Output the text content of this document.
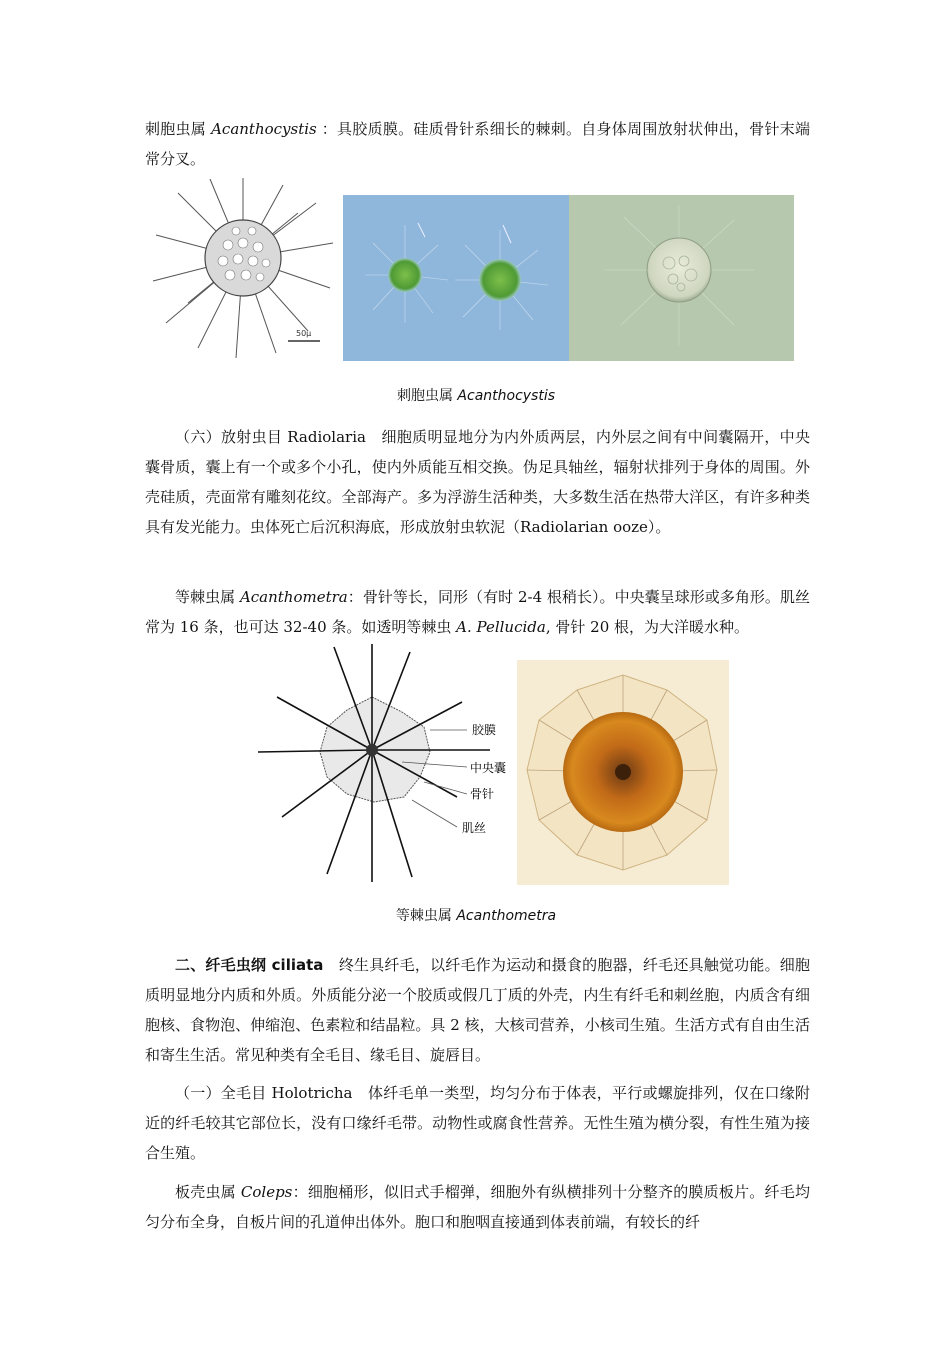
刺胞虫属 Acanthocystis ：具胶质膜。硅质骨针系细长的棘刺。自身体周围放射状伸出，骨针末端常分叉。

50μ
刺胞虫属 Acanthocystis

（六）放射虫目 Radiolaria　细胞质明显地分为内外质两层，内外层之间有中间囊隔开，中央囊骨质，囊上有一个或多个小孔，使内外质能互相交换。伪足具轴丝，辐射状排列于身体的周围。外壳硅质，壳面常有雕刻花纹。全部海产。多为浮游生活种类，大多数生活在热带大洋区，有许多种类具有发光能力。虫体死亡后沉积海底，形成放射虫软泥（Radiolarian ooze）。

等棘虫属 Acanthometra：骨针等长，同形（有时 2-4 根稍长）。中央囊呈球形或多角形。肌丝常为 16 条，也可达 32-40 条。如透明等棘虫 A. Pellucida, 骨针 20 根，为大洋暖水种。

胶膜
中央囊
骨针
肌丝
等棘虫属 Acanthometra

二、纤毛虫纲 ciliata　终生具纤毛，以纤毛作为运动和摄食的胞器，纤毛还具触觉功能。细胞质明显地分内质和外质。外质能分泌一个胶质或假几丁质的外壳，内生有纤毛和刺丝胞，内质含有细胞核、食物泡、伸缩泡、色素粒和结晶粒。具 2 核，大核司营养，小核司生殖。生活方式有自由生活和寄生生活。常见种类有全毛目、缘毛目、旋唇目。

（一）全毛目 Holotricha　体纤毛单一类型，均匀分布于体表，平行或螺旋排列，仅在口缘附近的纤毛较其它部位长，没有口缘纤毛带。动物性或腐食性营养。无性生殖为横分裂，有性生殖为接合生殖。

板壳虫属 Coleps：细胞桶形，似旧式手榴弹，细胞外有纵横排列十分整齐的膜质板片。纤毛均匀分布全身，自板片间的孔道伸出体外。胞口和胞咽直接通到体表前端，有较长的纤
